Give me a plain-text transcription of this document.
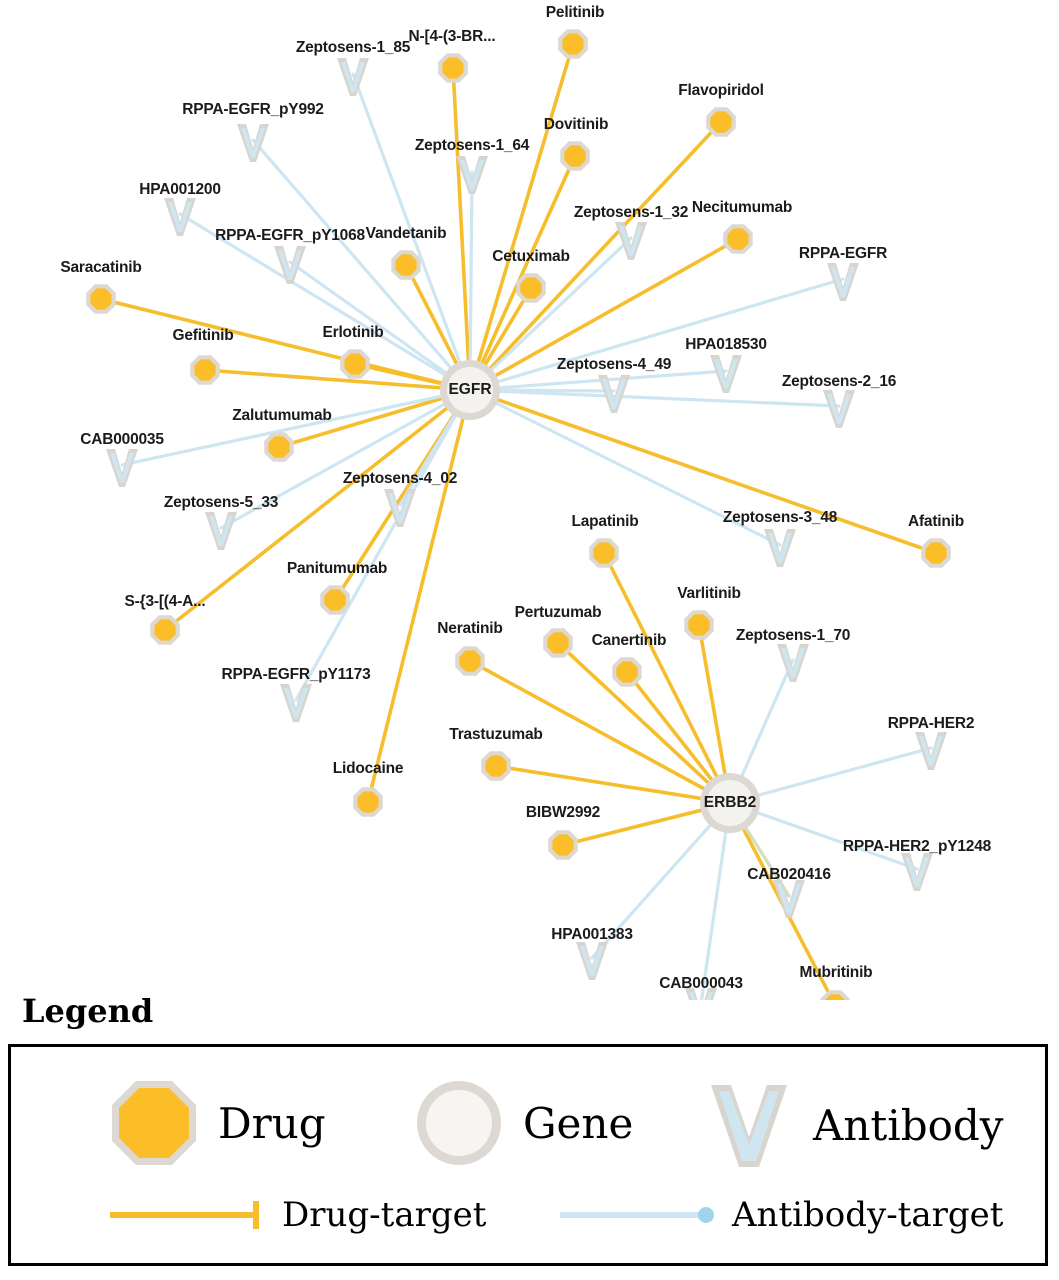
Pelitinib
N-[4-(3-BR...
Flavopiridol
Dovitinib
Necitumumab
Vandetanib
Cetuximab
Saracatinib
Gefitinib	Erlotinib
Zalutumumab
Afatinib
Lapatinib
Varlitinib
Panitumumab
S-{3-[(4-A...
Pertuzumab
Neratinib
Canertinib
Trastuzumab
Lidocaine
BIBW2992
Mubritinib
Zeptosens-1_85
RPPA-EGFR_pY992
Zeptosens-1_64
HPA001200
Zeptosens-1_32
RPPA-EGFR_pY1068
RPPA-EGFR
HPA018530
Zeptosens-4_49
Zeptosens-2_16
CAB000035
Zeptosens-4_02
Zeptosens-5_33
Zeptosens-3_48
Zeptosens-1_70
RPPA-EGFR_pY1173
RPPA-HER2
RPPA-HER2_pY1248
CAB020416
HPA001383
CAB000043
EGFR
ERBB2
Legend
Drug	Gene	Antibody
Drug-target	Antibody-target
